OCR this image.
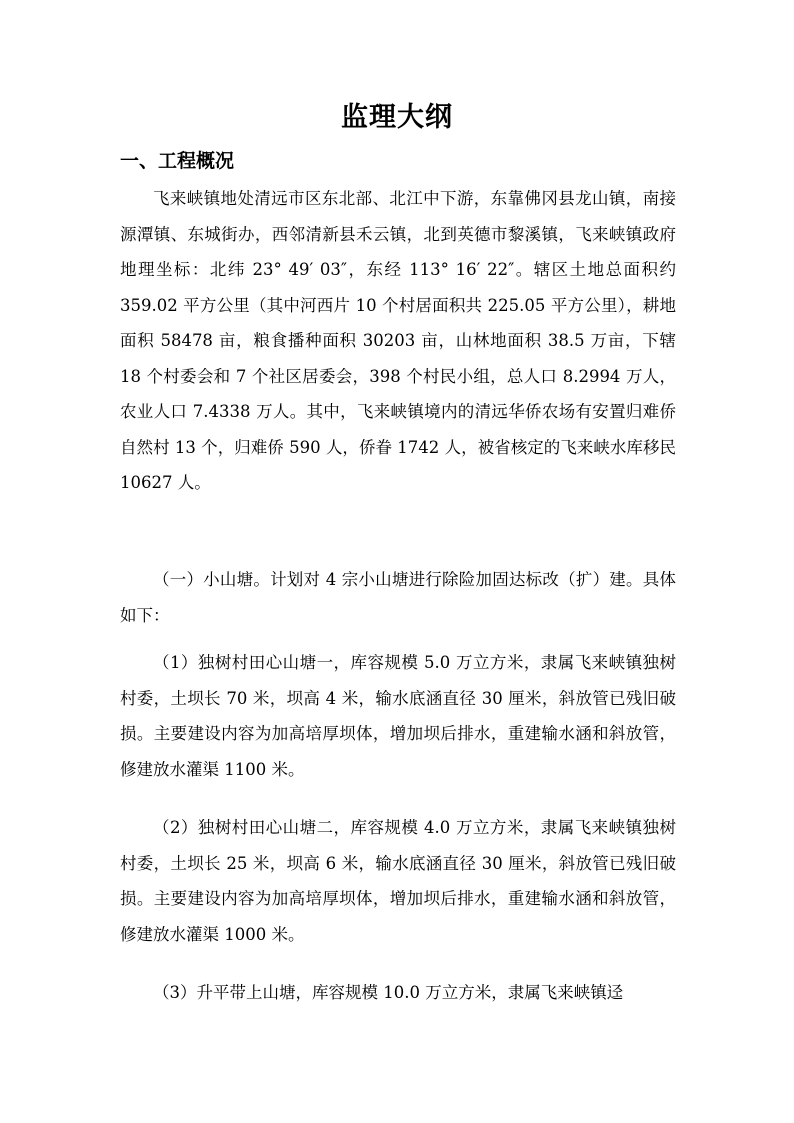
监理大纲
一、工程概况

飞来峡镇地处清远市区东北部、北江中下游，东靠佛冈县龙山镇，南接源潭镇、东城街办，西邻清新县禾云镇，北到英德市黎溪镇，飞来峡镇政府地理坐标：北纬 23° 49′ 03″，东经 113° 16′ 22″。辖区土地总面积约 359.02 平方公里（其中河西片 10 个村居面积共 225.05 平方公里），耕地面积 58478 亩，粮食播种面积 30203 亩，山林地面积 38.5 万亩，下辖 18 个村委会和 7 个社区居委会，398 个村民小组，总人口 8.2994 万人，农业人口 7.4338 万人。其中，飞来峡镇境内的清远华侨农场有安置归难侨自然村 13 个，归难侨 590 人，侨眷 1742 人，被省核定的飞来峡水库移民 10627 人。

（一）小山塘。计划对 4 宗小山塘进行除险加固达标改（扩）建。具体如下：

（1）独树村田心山塘一，库容规模 5.0 万立方米，隶属飞来峡镇独树村委，土坝长 70 米，坝高 4 米，输水底涵直径 30 厘米，斜放管已残旧破损。主要建设内容为加高培厚坝体，增加坝后排水，重建输水涵和斜放管，修建放水灌渠 1100 米。

（2）独树村田心山塘二，库容规模 4.0 万立方米，隶属飞来峡镇独树村委，土坝长 25 米，坝高 6 米，输水底涵直径 30 厘米，斜放管已残旧破损。主要建设内容为加高培厚坝体，增加坝后排水，重建输水涵和斜放管，修建放水灌渠 1000 米。

（3）升平带上山塘，库容规模 10.0 万立方米，隶属飞来峡镇迳
